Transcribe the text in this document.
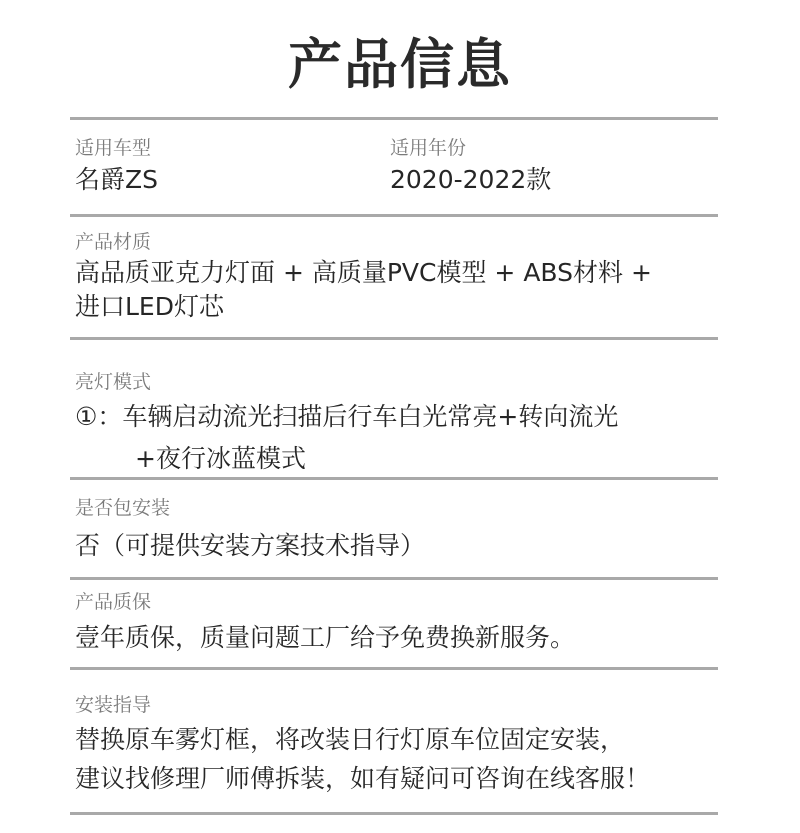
产品信息
适用车型
名爵ZS
适用年份
2020-2022款
产品材质
高品质亚克力灯面 + 高质量PVC模型 + ABS材料 +
进口LED灯芯
亮灯模式
①：车辆启动流光扫描后行车白光常亮+转向流光
+夜行冰蓝模式
是否包安装
否（可提供安装方案技术指导）
产品质保
壹年质保，质量问题工厂给予免费换新服务。
安装指导
替换原车雾灯框，将改装日行灯原车位固定安装，
建议找修理厂师傅拆装，如有疑问可咨询在线客服！
